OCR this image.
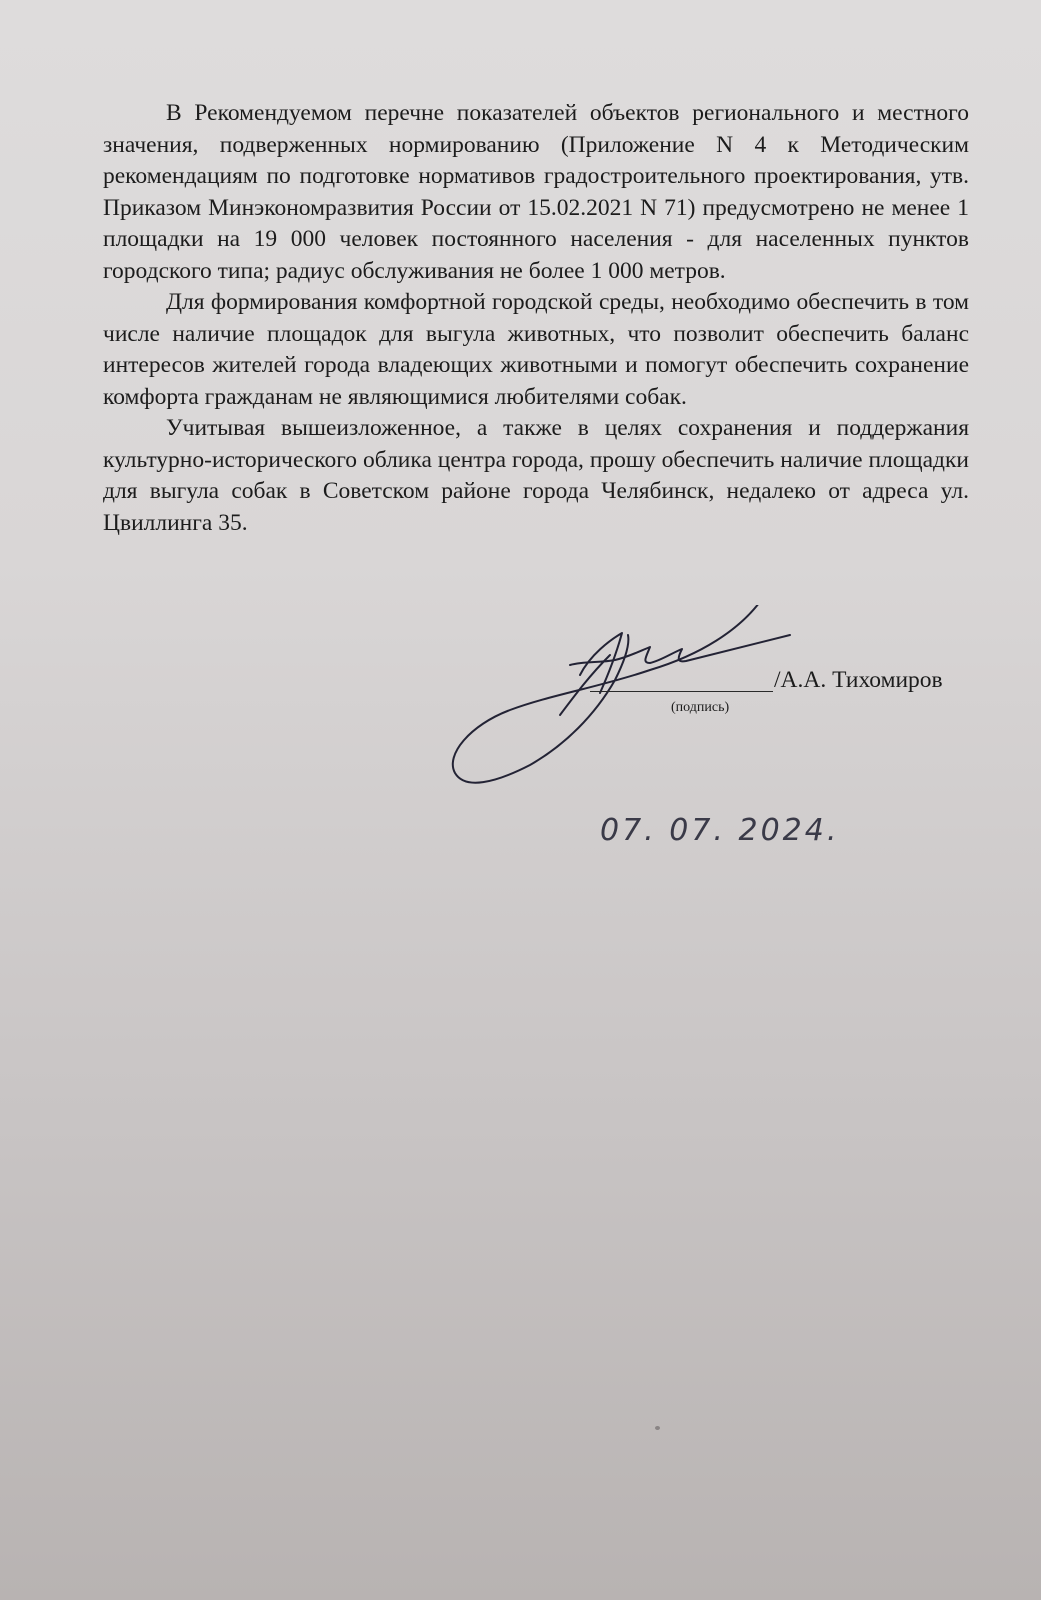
В Рекомендуемом перечне показателей объектов регионального и местного значения, подверженных нормированию (Приложение N 4 к Методическим рекомендациям по подготовке нормативов градостроительного проектирования, утв. Приказом Минэкономразвития России от 15.02.2021 N 71) предусмотрено не менее 1 площадки на 19 000 человек постоянного населения - для населенных пунктов городского типа; радиус обслуживания не более 1 000 метров.

Для формирования комфортной городской среды, необходимо обеспечить в том числе наличие площадок для выгула животных, что позволит обеспечить баланс интересов жителей города владеющих животными и помогут обеспечить сохранение комфорта гражданам не являющимися любителями собак.

Учитывая вышеизложенное, а также в целях сохранения и поддержания культурно-исторического облика центра города, прошу обеспечить наличие площадки для выгула собак в Советском районе города Челябинск, недалеко от адреса ул. Цвиллинга 35.

/А.А. Тихомиров
(подпись)
07. 07. 2024.
